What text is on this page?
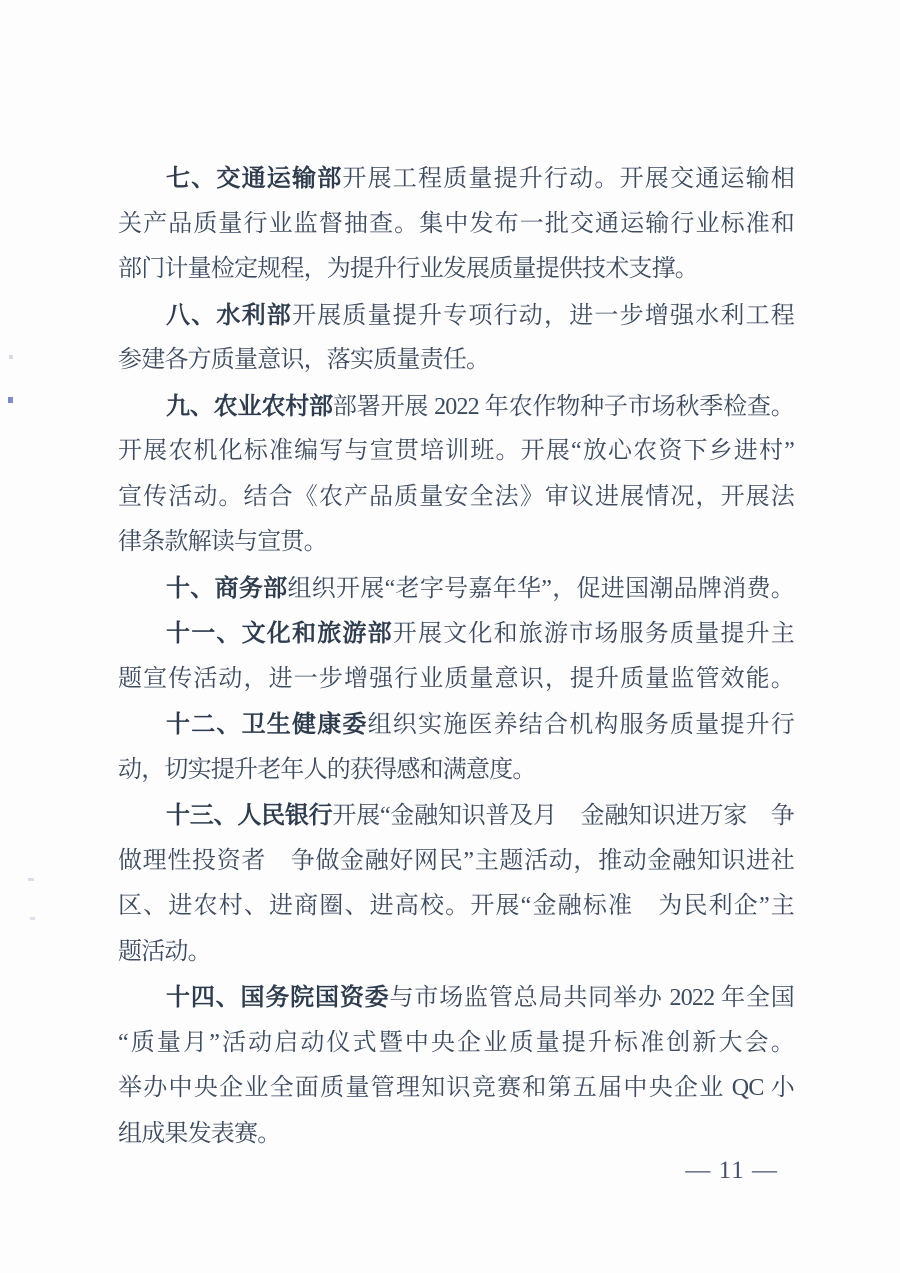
七、交通运输部开展工程质量提升行动。开展交通运输相
关产品质量行业监督抽查。集中发布一批交通运输行业标准和
部门计量检定规程，为提升行业发展质量提供技术支撑。
八、水利部开展质量提升专项行动，进一步增强水利工程
参建各方质量意识，落实质量责任。
九、农业农村部部署开展 2022 年农作物种子市场秋季检查。
开展农机化标准编写与宣贯培训班。开展“放心农资下乡进村”
宣传活动。结合《农产品质量安全法》审议进展情况，开展法
律条款解读与宣贯。
十、商务部组织开展“老字号嘉年华”，促进国潮品牌消费。
十一、文化和旅游部开展文化和旅游市场服务质量提升主
题宣传活动，进一步增强行业质量意识，提升质量监管效能。
十二、卫生健康委组织实施医养结合机构服务质量提升行
动，切实提升老年人的获得感和满意度。
十三、人民银行开展“金融知识普及月　金融知识进万家　争
做理性投资者　争做金融好网民”主题活动，推动金融知识进社
区、进农村、进商圈、进高校。开展“金融标准　为民利企”主
题活动。
十四、国务院国资委与市场监管总局共同举办 2022 年全国
“质量月”活动启动仪式暨中央企业质量提升标准创新大会。
举办中央企业全面质量管理知识竞赛和第五届中央企业 QC 小
组成果发表赛。
— 11 —
